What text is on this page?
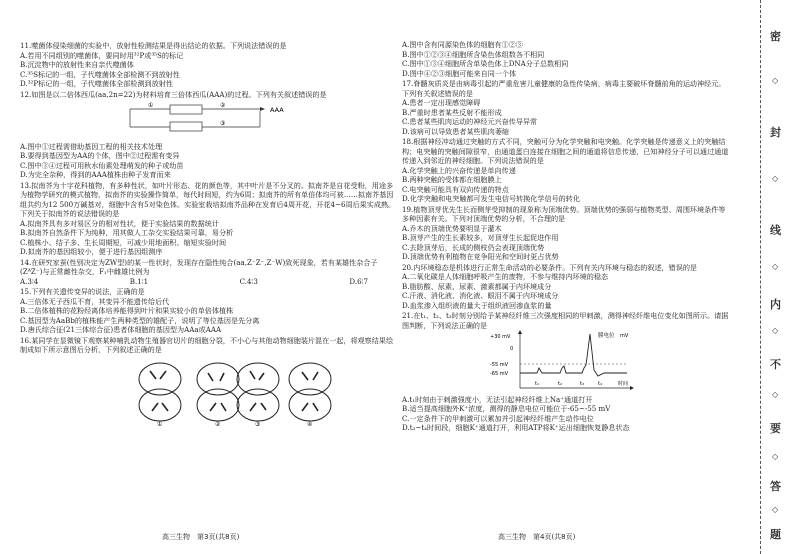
11.噬菌体侵染细菌的实验中，放射性检测结果是得出结论的依据。下列说法错误的是

A.若用不同组别的噬菌体，要同时用³²P或³⁵S的标记

B.沉淀物中的放射性来自亲代噬菌体

C.³⁵S标记的一组，子代噬菌体全部检测不到放射性

D.³²P标记的一组，子代噬菌体全部检测到放射性

12.如图是以二倍体西瓜(aa,2n=22)为材料培育三倍体西瓜(AAA)的过程。下列有关叙述错误的是

①	②
③
AAA

A.图中①过程需借助基因工程的相关技术处理

B.要得到基因型为AA的个体，图中②过程需有变异

C.图中③④过程可用秋水仙素处理萌发的种子或幼苗

D.为完全杂种，得到的AAA植株由种子发育而来

13.拟南芥为十字花科植物，有多种性状，如叶片形态、花的颜色等，其中叶片是不分叉的。拟南芥是自花受粉，用途多为植物学研究的模式植物，拟南芥的实验操作简单，每代时间短，约为6周；拟南芥的所有单倍体均可被……拟南芥基因组共约为12 500万碱基对，细胞中含有5对染色体。实验室栽培拟南芥品种在发育后4周开花，开花4~6周后果实成熟。下列关于拟南芥的说法错误的是

A.拟南芥具有多对易区分的相对性状，便于实验结果的数据统计

B.拟南芥自然条件下为纯种，用其做人工杂交实验结果可靠，易分析

C.植株小、结子多、生长周期短，可减少用地面积、缩短实验时间

D.拟南芥的基因组较小，便于进行基因组测序

14.在研究家蚕(性别决定为ZW型)的某一性状时，发现存在隐性纯合(aa,Z⁻Z⁻,Z⁻W)致死现象，若有某雄性杂合子(ZᴬZ⁻)与正常雌性杂交，F₁中雌雄比例为

A.3∶4	B.1∶1	C.4∶3	D.6∶7

15.下列有关遗传变异的说法，正确的是

A.三倍体无子西瓜不育，其变异不能遗传给后代

B.二倍体植株的花粉经离体培养能得到叶片和果实较小的单倍体植株

C.基因型为AaBb的植株能产生两种类型的雄配子，说明了等位基因是先分离

D.唐氏综合征(21三体综合征)患者体细胞的基因型为AAa或AAA

16.某同学在显微镜下观察某种哺乳动物生殖器官切片的细胞分裂，不小心与其他动物细胞装片混在一起，将观察结果绘制成如下所示意图后分析，下列叙述正确的是

①	②	③	④

A.图中含有同源染色体的细胞有①②③

B.图中①②③④细胞所含染色体组数各不相同

C.图中①③④细胞所含单染色体上DNA分子总数相同

D.图中④②③细胞可能来自同一个体

17.脊髓灰质炎是由病毒引起的严重危害儿童健康的急性传染病，病毒主要破坏脊髓前角的运动神经元。下列有关叙述错误的是

A.患者一定出现感觉障碍

B.严重时患者某些反射不能形成

C.患者某些肌肉运动的神经元兴奋传导异常

D.该病可以导致患者某些肌肉萎缩

18.根据神经冲动通过突触的方式不同，突触可分为化学突触和电突触。化学突触是传递意义上的突触结构；电突触的突触间隙很窄，由通道蛋白连接在细胞之间的通道将信息传递，已知神经分子可以通过通道传递入到邻近的神经细胞。下列说法错误的是

A.化学突触上的兴奋传递是单向传递

B.两种突触的受体都在细胞膜上

C.电突触可能具有双向传递的特点

D.化学突触和电突触都可发生电信号转换化学信号的转化

19.植物顶芽优先生长而侧芽受抑制的现象称为顶端优势。顶端优势的强弱与植物类型、周围环境条件等多种因素有关。下列对顶端优势的分析，不合理的是

A.乔木的顶端优势要明显于灌木

B.顶芽产生的生长素较多，对顶芽生长起促进作用

C.去除顶芽后，长成的侧枝仍会表现顶端优势

D.顶端优势有利植物在竞争阳光和空间时更占优势

20.内环境稳态是机体进行正常生命活动的必要条件。下列有关内环境与稳态的叙述，错误的是

A.二氧化碳是人体细胞呼吸产生的废物，不参与维持内环境的稳态

B.脂肪酸、尿素、尿素、激素都属于内环境成分

C.汗液、消化液、消化液、眼泪不属于内环境成分

D.血浆渗入组织液的量大于组织液回渗血浆的量

21.在t₁、t₂、t₃时刻分别给予某神经纤维三次强度相同的甲刺激，测得神经纤维电位变化如图所示。请据图判断，下列说法正确的是

膜电位 mV
+30 mV
0
-55 mV
-65 mV
t₁	t₂	t₃	t₄	时间

A.t₁时刻由于刺激强度小，无法引起神经纤维上Na⁺通道打开

B.适当提高细胞外K⁺浓度，测得的静息电位可能位于-65~-55 mV

C.一定条件下的甲刺激可以累加并引起神经纤维产生动作电位

D.t₃~t₄时间段，细胞K⁺通道打开，利用ATP将K⁺运出细胞恢复静息状态

高三生物　第3页(共8页)	高三生物　第4页(共8页)
密
◇
封
◇
线
◇
内
◇
不
◇
要
◇
答
◇
题
